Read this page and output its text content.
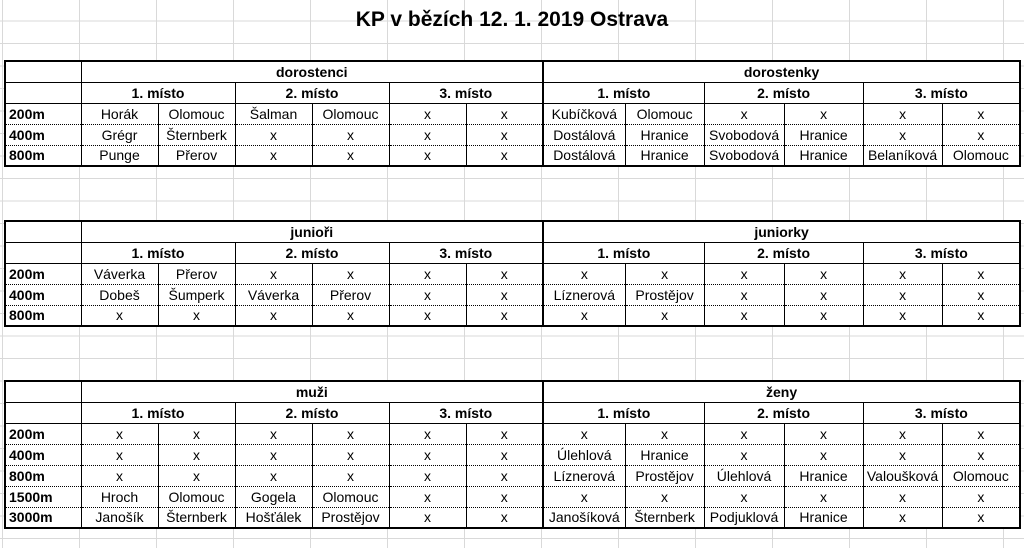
KP v bězích 12. 1. 2019 Ostrava
	dorostenci						dorostenky					
	1. místo		2. místo		3. místo		1. místo		2. místo		3. místo	
200m	Horák	Olomouc	Šalman	Olomouc	x	x	Kubíčková	Olomouc	x	x	x	x
400m	Grégr	Šternberk	x	x	x	x	Dostálová	Hranice	Svobodová	Hranice	x	x
800m	Punge	Přerov	x	x	x	x	Dostálová	Hranice	Svobodová	Hranice	Belaníková	Olomouc
	junioři						juniorky					
	1. místo		2. místo		3. místo		1. místo		2. místo		3. místo	
200m	Váverka	Přerov	x	x	x	x	x	x	x	x	x	x
400m	Dobeš	Šumperk	Váverka	Přerov	x	x	Líznerová	Prostějov	x	x	x	x
800m	x	x	x	x	x	x	x	x	x	x	x	x
	muži						ženy					
	1. místo		2. místo		3. místo		1. místo		2. místo		3. místo	
200m	x	x	x	x	x	x	x	x	x	x	x	x
400m	x	x	x	x	x	x	Úlehlová	Hranice	x	x	x	x
800m	x	x	x	x	x	x	Líznerová	Prostějov	Úlehlová	Hranice	Valoušková	Olomouc
1500m	Hroch	Olomouc	Gogela	Olomouc	x	x	x	x	x	x	x	x
3000m	Janošík	Šternberk	Hošťálek	Prostějov	x	x	Janošíková	Šternberk	Podjuklová	Hranice	x	x
